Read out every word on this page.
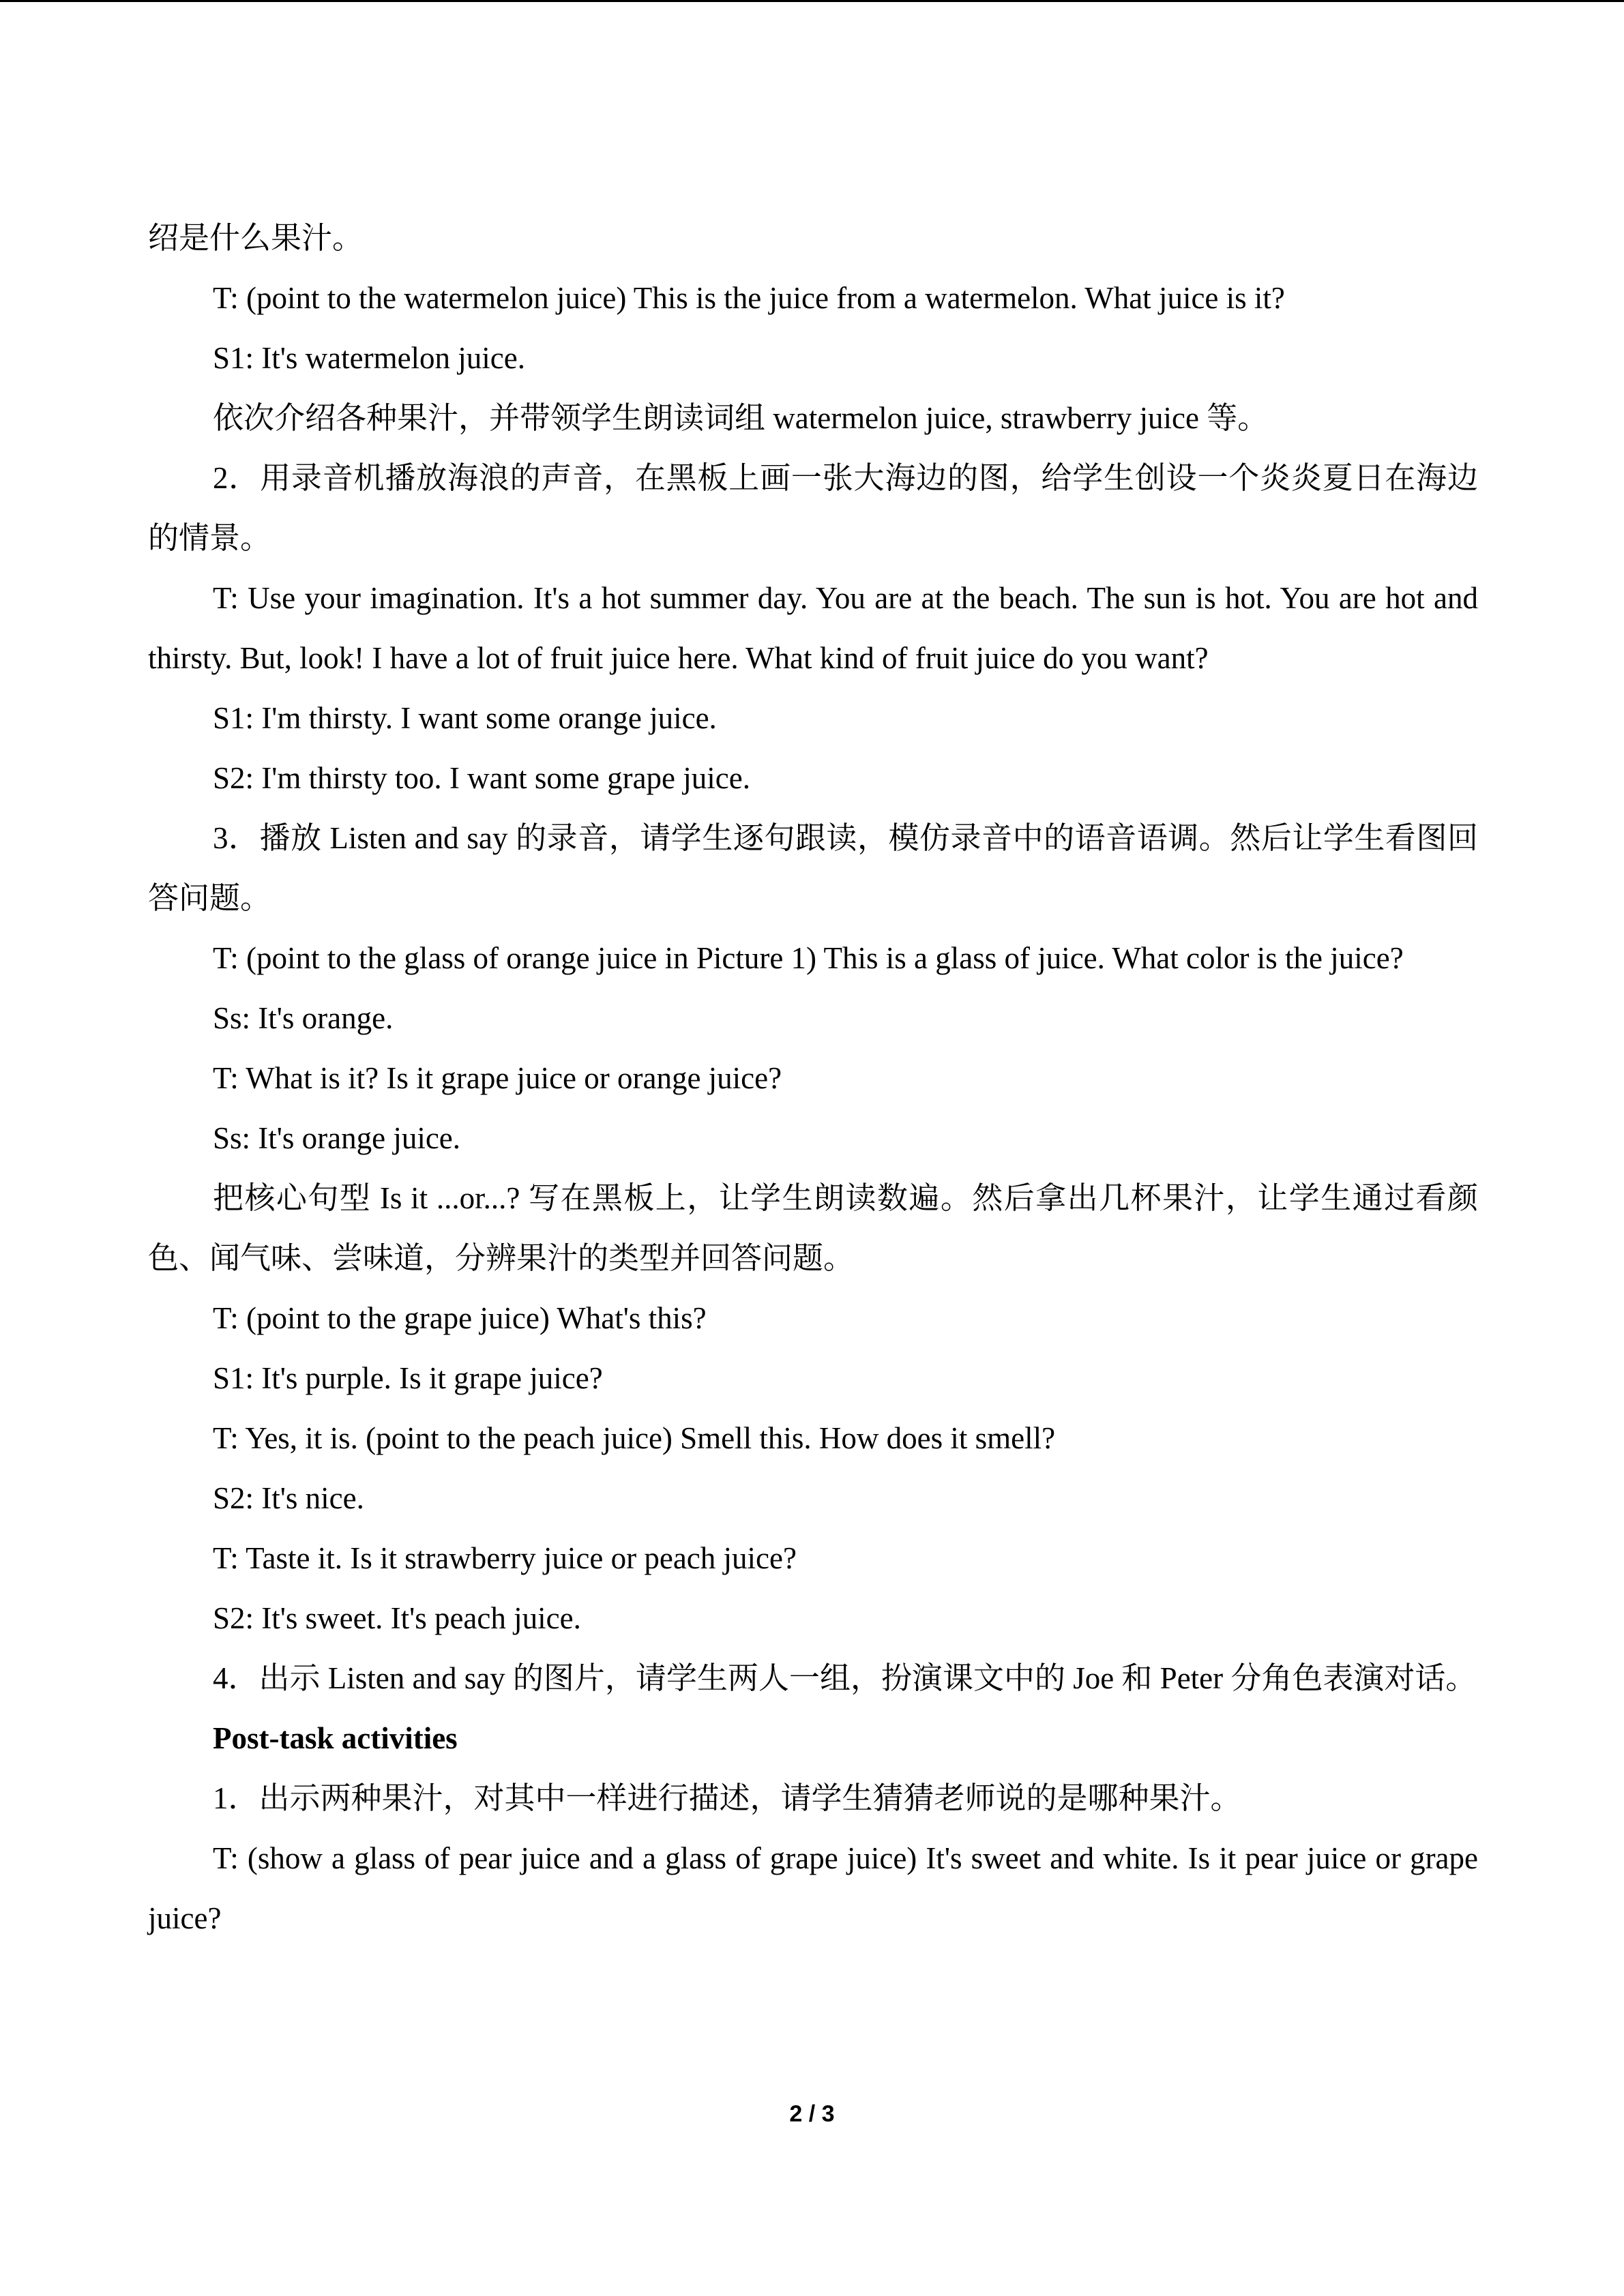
绍是什么果汁。

T: (point to the watermelon juice) This is the juice from a watermelon. What juice is it?

S1: It's watermelon juice.

依次介绍各种果汁，并带领学生朗读词组 watermelon juice, strawberry juice 等。

2．用录音机播放海浪的声音，在黑板上画一张大海边的图，给学生创设一个炎炎夏日在海边的情景。

T: Use your imagination. It's a hot summer day. You are at the beach. The sun is hot. You are hot and thirsty. But, look! I have a lot of fruit juice here. What kind of fruit juice do you want?

S1: I'm thirsty. I want some orange juice.

S2: I'm thirsty too. I want some grape juice.

3．播放 Listen and say 的录音，请学生逐句跟读，模仿录音中的语音语调。然后让学生看图回答问题。

T: (point to the glass of orange juice in Picture 1) This is a glass of juice. What color is the juice?

Ss: It's orange.

T: What is it? Is it grape juice or orange juice?

Ss: It's orange juice.

把核心句型 Is it ...or...? 写在黑板上，让学生朗读数遍。然后拿出几杯果汁，让学生通过看颜色、闻气味、尝味道，分辨果汁的类型并回答问题。

T: (point to the grape juice) What's this?

S1: It's purple. Is it grape juice?

T: Yes, it is. (point to the peach juice) Smell this. How does it smell?

S2: It's nice.

T: Taste it. Is it strawberry juice or peach juice?

S2: It's sweet. It's peach juice.

4．出示 Listen and say 的图片，请学生两人一组，扮演课文中的 Joe 和 Peter 分角色表演对话。

Post-task activities

1．出示两种果汁，对其中一样进行描述，请学生猜猜老师说的是哪种果汁。

T: (show a glass of pear juice and a glass of grape juice) It's sweet and white. Is it pear juice or grape juice?

2 / 3
